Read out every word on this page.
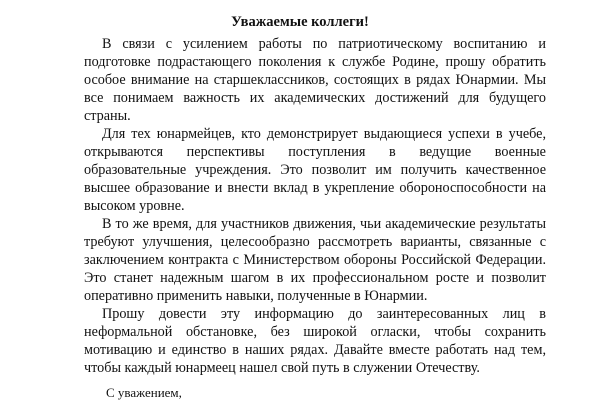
Уважаемые коллеги!

В связи с усилением работы по патриотическому воспитанию и подготовке подрастающего поколения к службе Родине, прошу обратить особое внимание на старшеклассников, состоящих в рядах Юнармии. Мы все понимаем важность их академических достижений для будущего страны.

Для тех юнармейцев, кто демонстрирует выдающиеся успехи в учебе, открываются перспективы поступления в ведущие военные образовательные учреждения. Это позволит им получить качественное высшее образование и внести вклад в укрепление обороноспособности на высоком уровне.

В то же время, для участников движения, чьи академические результаты требуют улучшения, целесообразно рассмотреть варианты, связанные с заключением контракта с Министерством обороны Российской Федерации. Это станет надежным шагом в их профессиональном росте и позволит оперативно применить навыки, полученные в Юнармии.

Прошу довести эту информацию до заинтересованных лиц в неформальной обстановке, без широкой огласки, чтобы сохранить мотивацию и единство в наших рядах. Давайте вместе работать над тем, чтобы каждый юнармеец нашел свой путь в служении Отечеству.

С уважением,
